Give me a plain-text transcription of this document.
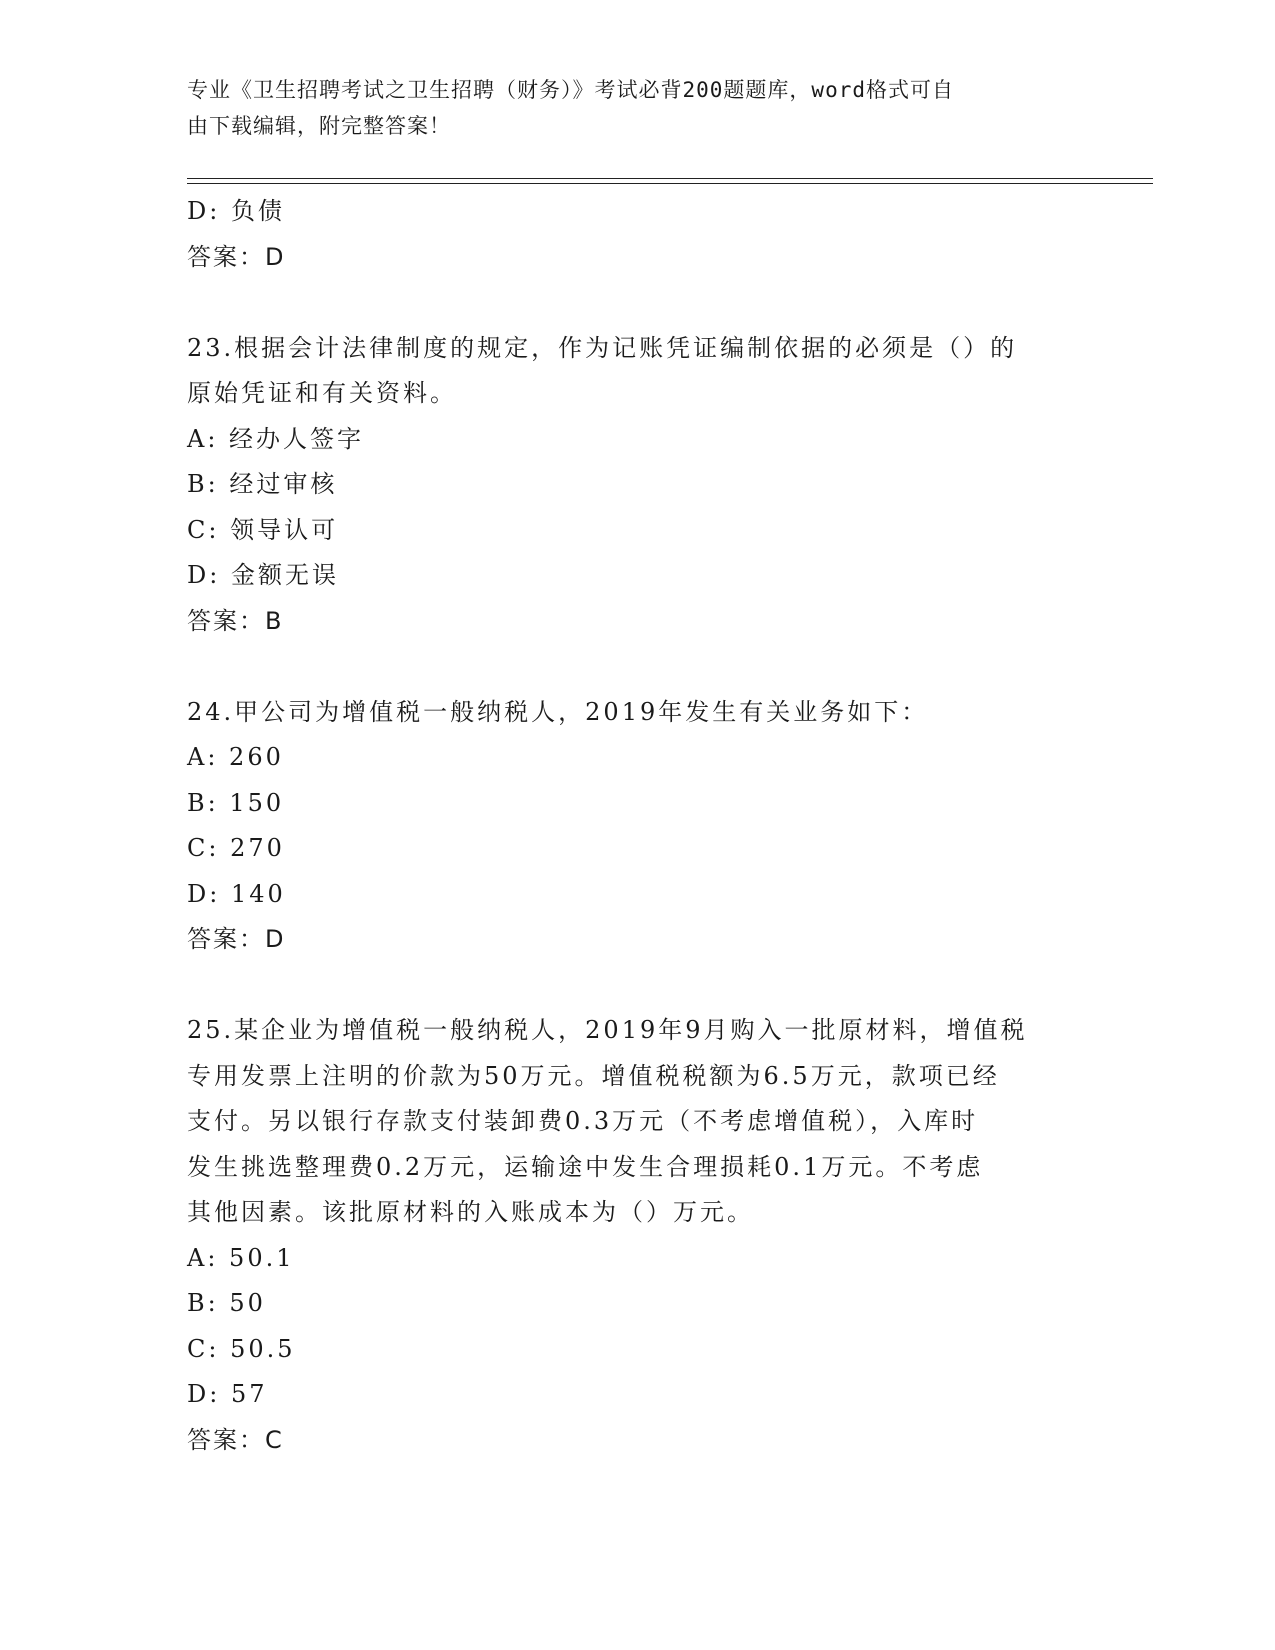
专业《卫生招聘考试之卫生招聘（财务）》考试必背200题题库，word格式可自
由下载编辑，附完整答案！
D: 负债
答案：D
23.根据会计法律制度的规定，作为记账凭证编制依据的必须是（）的
原始凭证和有关资料。
A: 经办人签字
B: 经过审核
C: 领导认可
D: 金额无误
答案：B
24.甲公司为增值税一般纳税人，2019年发生有关业务如下：
A: 260
B: 150
C: 270
D: 140
答案：D
25.某企业为增值税一般纳税人，2019年9月购入一批原材料，增值税
专用发票上注明的价款为50万元。增值税税额为6.5万元，款项已经
支付。另以银行存款支付装卸费0.3万元（不考虑增值税），入库时
发生挑选整理费0.2万元，运输途中发生合理损耗0.1万元。不考虑
其他因素。该批原材料的入账成本为（）万元。
A: 50.1
B: 50
C: 50.5
D: 57
答案：C
